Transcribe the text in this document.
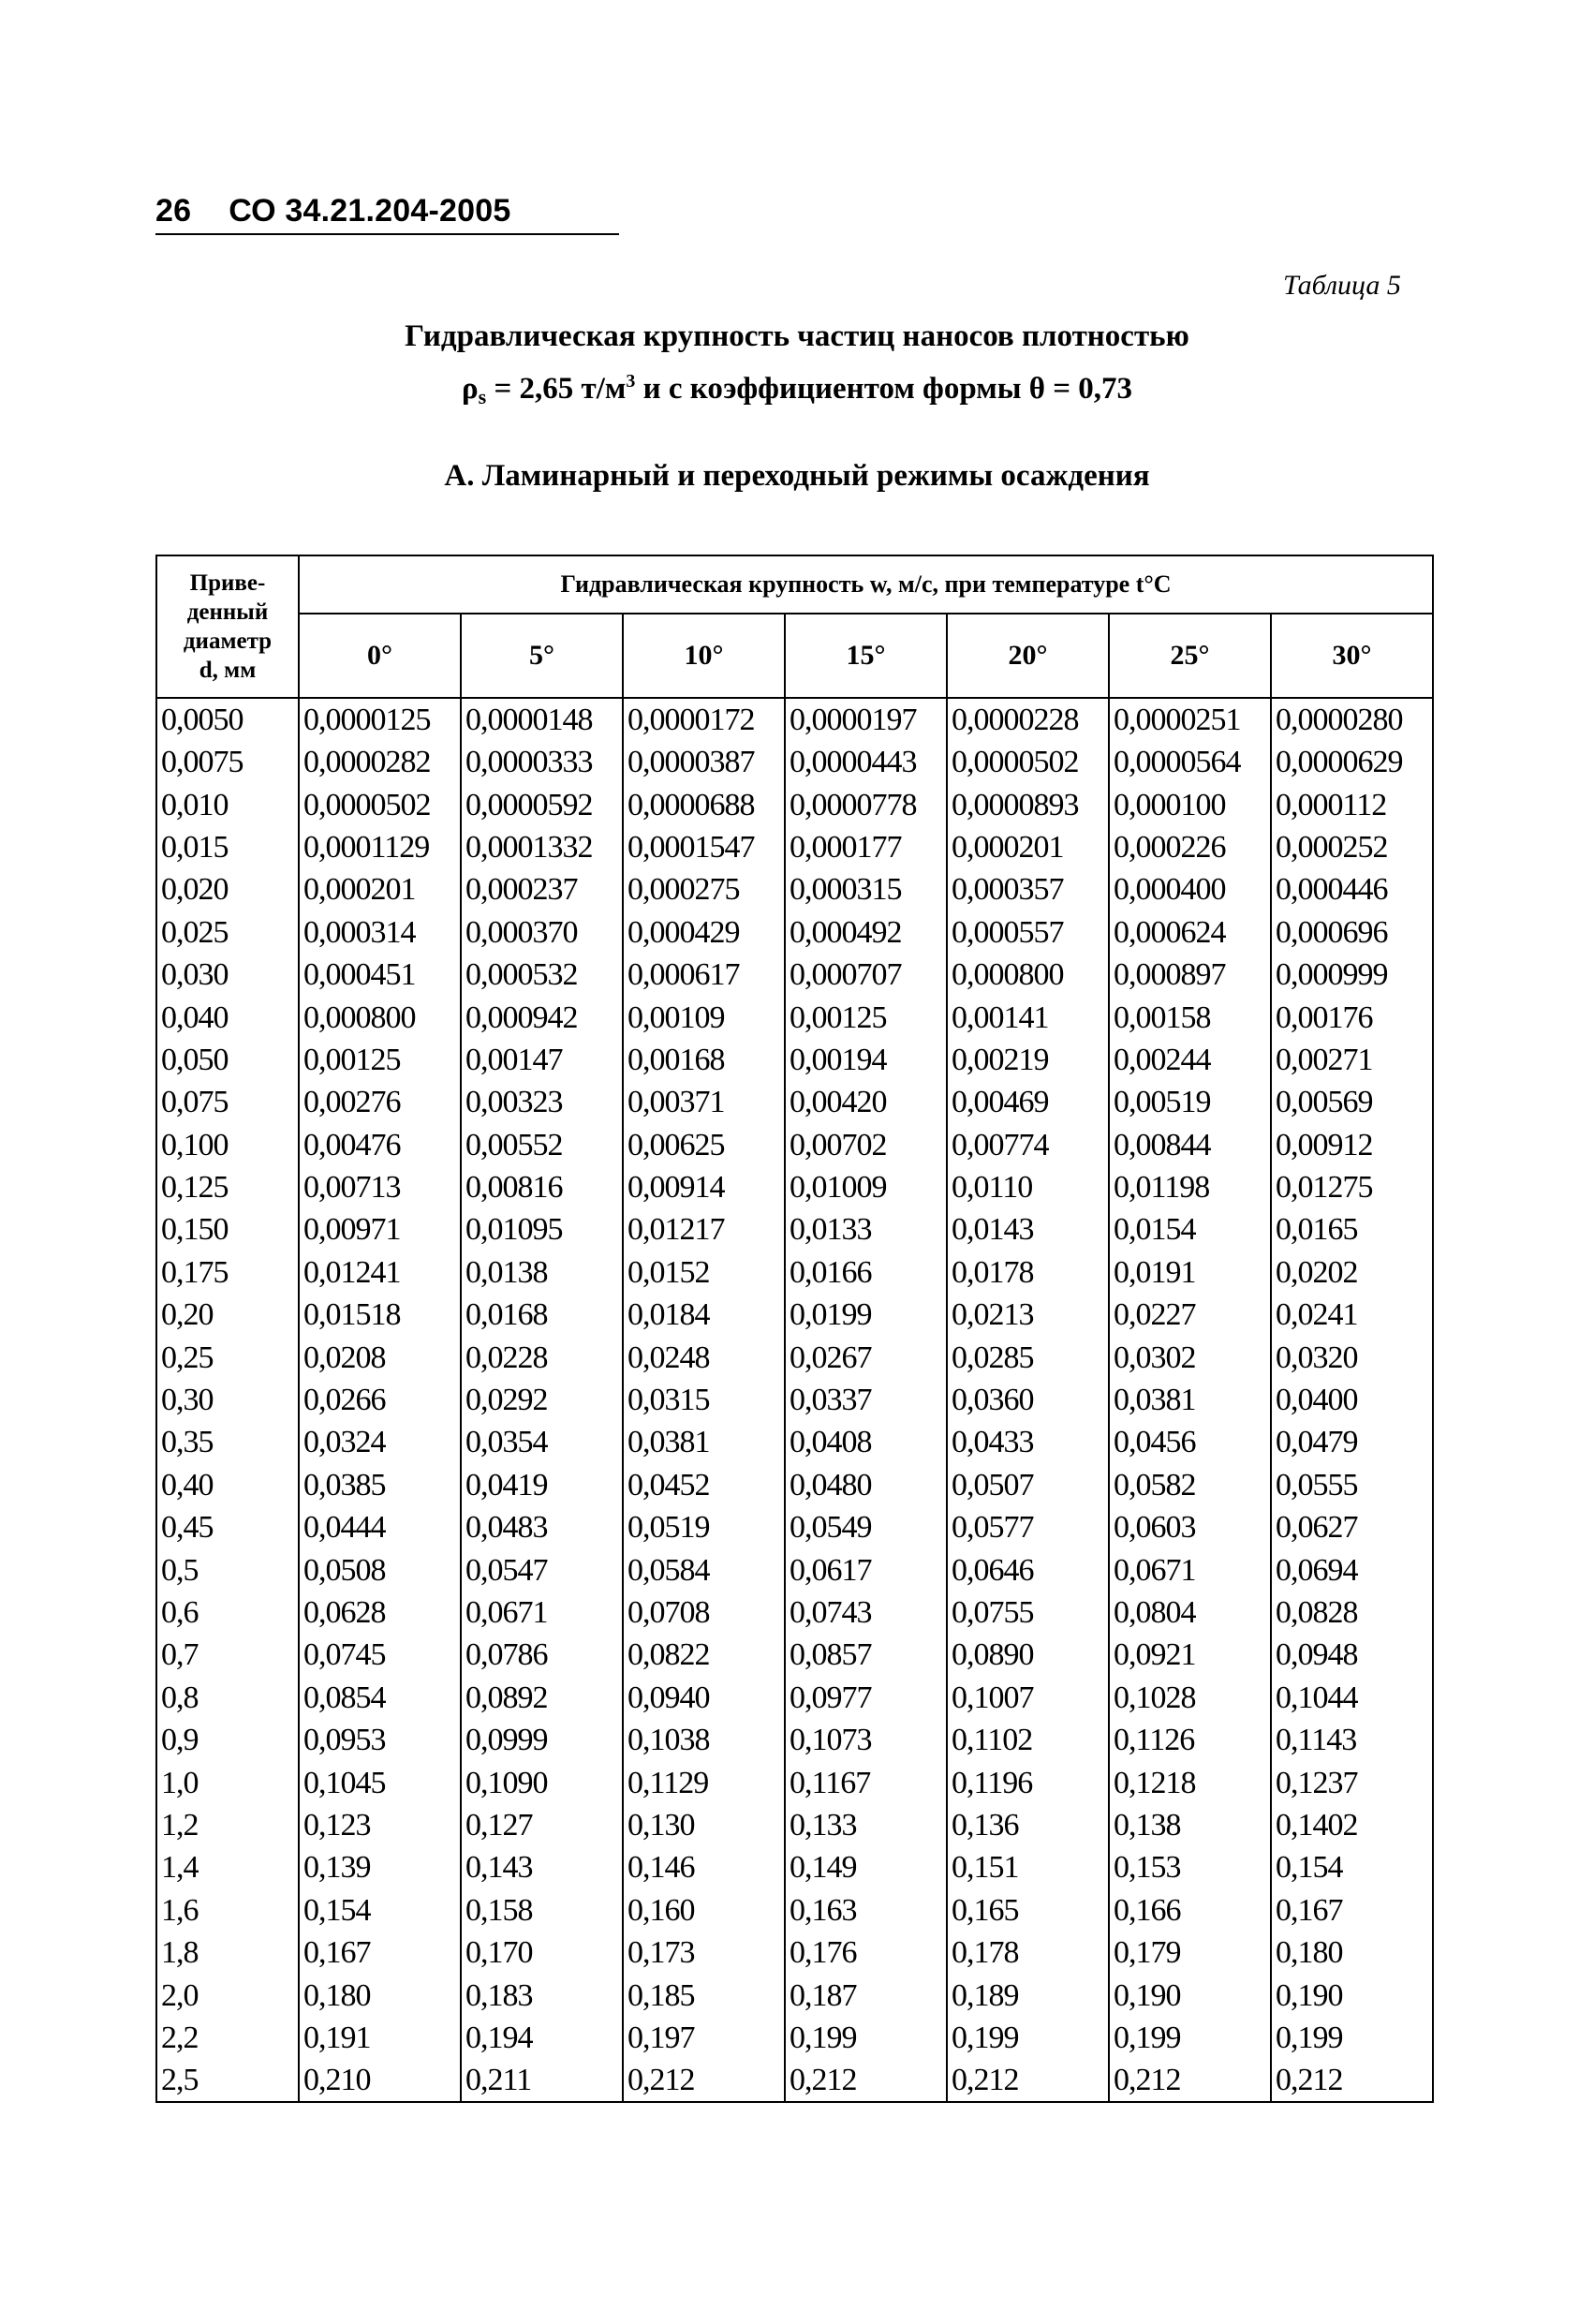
26 СО 34.21.204-2005
Таблица 5
Гидравлическая крупность частиц наносов плотностью
ρs = 2,65 $т/м^3$ и с коэффициентом формы θ = 0,73
А. Ламинарный и переходный режимы осаждения
Приве-
денный
диаметр
d, мм	Гидравлическая крупность w, м/с, при температуре t°C						
	0°	5°	10°	15°	20°	25°	30°
0,0050	0,0000125	0,0000148	0,0000172	0,0000197	0,0000228	0,0000251	0,0000280
0,0075	0,0000282	0,0000333	0,0000387	0,0000443	0,0000502	0,0000564	0,0000629
0,010	0,0000502	0,0000592	0,0000688	0,0000778	0,0000893	0,000100	0,000112
0,015	0,0001129	0,0001332	0,0001547	0,000177	0,000201	0,000226	0,000252
0,020	0,000201	0,000237	0,000275	0,000315	0,000357	0,000400	0,000446
0,025	0,000314	0,000370	0,000429	0,000492	0,000557	0,000624	0,000696
0,030	0,000451	0,000532	0,000617	0,000707	0,000800	0,000897	0,000999
0,040	0,000800	0,000942	0,00109	0,00125	0,00141	0,00158	0,00176
0,050	0,00125	0,00147	0,00168	0,00194	0,00219	0,00244	0,00271
0,075	0,00276	0,00323	0,00371	0,00420	0,00469	0,00519	0,00569
0,100	0,00476	0,00552	0,00625	0,00702	0,00774	0,00844	0,00912
0,125	0,00713	0,00816	0,00914	0,01009	0,0110	0,01198	0,01275
0,150	0,00971	0,01095	0,01217	0,0133	0,0143	0,0154	0,0165
0,175	0,01241	0,0138	0,0152	0,0166	0,0178	0,0191	0,0202
0,20	0,01518	0,0168	0,0184	0,0199	0,0213	0,0227	0,0241
0,25	0,0208	0,0228	0,0248	0,0267	0,0285	0,0302	0,0320
0,30	0,0266	0,0292	0,0315	0,0337	0,0360	0,0381	0,0400
0,35	0,0324	0,0354	0,0381	0,0408	0,0433	0,0456	0,0479
0,40	0,0385	0,0419	0,0452	0,0480	0,0507	0,0582	0,0555
0,45	0,0444	0,0483	0,0519	0,0549	0,0577	0,0603	0,0627
0,5	0,0508	0,0547	0,0584	0,0617	0,0646	0,0671	0,0694
0,6	0,0628	0,0671	0,0708	0,0743	0,0755	0,0804	0,0828
0,7	0,0745	0,0786	0,0822	0,0857	0,0890	0,0921	0,0948
0,8	0,0854	0,0892	0,0940	0,0977	0,1007	0,1028	0,1044
0,9	0,0953	0,0999	0,1038	0,1073	0,1102	0,1126	0,1143
1,0	0,1045	0,1090	0,1129	0,1167	0,1196	0,1218	0,1237
1,2	0,123	0,127	0,130	0,133	0,136	0,138	0,1402
1,4	0,139	0,143	0,146	0,149	0,151	0,153	0,154
1,6	0,154	0,158	0,160	0,163	0,165	0,166	0,167
1,8	0,167	0,170	0,173	0,176	0,178	0,179	0,180
2,0	0,180	0,183	0,185	0,187	0,189	0,190	0,190
2,2	0,191	0,194	0,197	0,199	0,199	0,199	0,199
2,5	0,210	0,211	0,212	0,212	0,212	0,212	0,212
